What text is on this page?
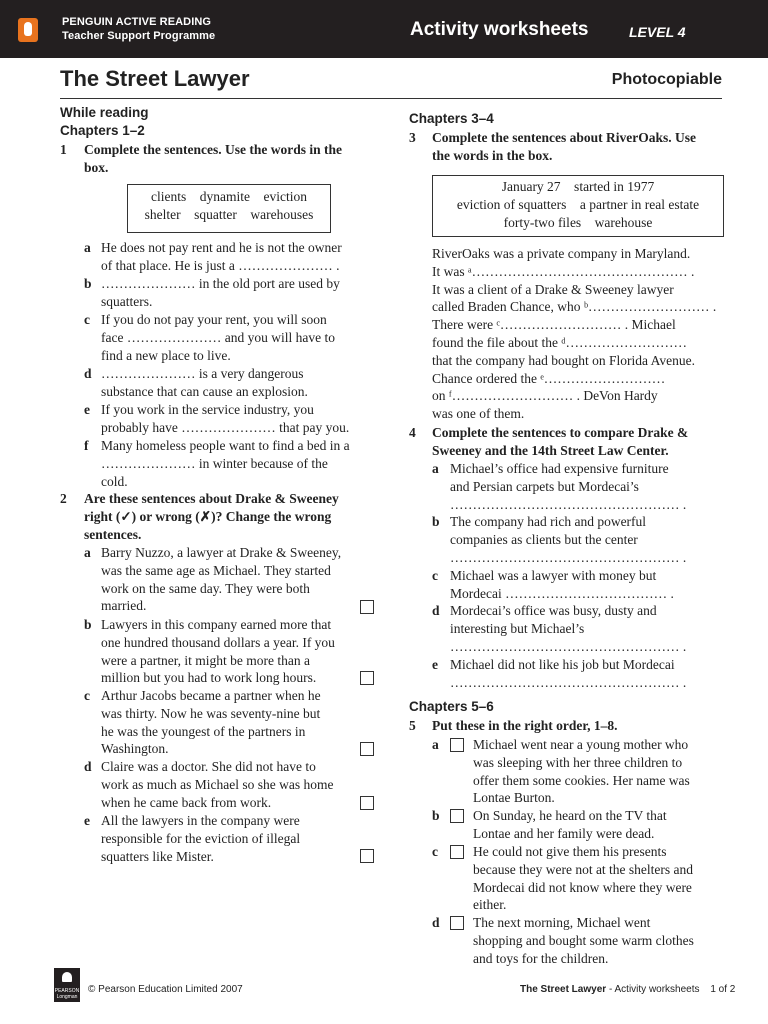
PENGUIN ACTIVE READING
Teacher Support Programme	Activity worksheets	LEVEL 4
The Street Lawyer	Photocopiable
While reading
Chapters 1–2
1 Complete the sentences. Use the words in the
box.
clients    dynamite    eviction
shelter    squatter    warehouses
a He does not pay rent and he is not the owner
of that place. He is just a ………………… .
b ………………… in the old port are used by
squatters.
c If you do not pay your rent, you will soon
face ………………… and you will have to
find a new place to live.
d ………………… is a very dangerous
substance that can cause an explosion.
e If you work in the service industry, you
probably have ………………… that pay you.
f Many homeless people want to find a bed in a
………………… in winter because of the
cold.
2 Are these sentences about Drake & Sweeney
right (✓) or wrong (✗)? Change the wrong
sentences.
a Barry Nuzzo, a lawyer at Drake & Sweeney,
was the same age as Michael. They started
work on the same day. They were both
married.
b Lawyers in this company earned more that
one hundred thousand dollars a year. If you
were a partner, it might be more than a
million but you had to work long hours.
c Arthur Jacobs became a partner when he
was thirty. Now he was seventy-nine but
he was the youngest of the partners in
Washington.
d Claire was a doctor. She did not have to
work as much as Michael so she was home
when he came back from work.
e All the lawyers in the company were
responsible for the eviction of illegal
squatters like Mister.
Chapters 3–4
3 Complete the sentences about RiverOaks. Use
the words in the box.
January 27    started in 1977
eviction of squatters    a partner in real estate
forty-two files    warehouse
RiverOaks was a private company in Maryland.
It was ᵃ………………………………………… .
It was a client of a Drake & Sweeney lawyer
called Braden Chance, who ᵇ……………………… .
There were ᶜ……………………… . Michael
found the file about the ᵈ………………………
that the company had bought on Florida Avenue.
Chance ordered the ᵉ………………………
on ᶠ……………………… . DeVon Hardy
was one of them.
4 Complete the sentences to compare Drake &
Sweeney and the 14th Street Law Center.
a Michael’s office had expensive furniture
and Persian carpets but Mordecai’s
…………………………………………… .
b The company had rich and powerful
companies as clients but the center
…………………………………………… .
c Michael was a lawyer with money but
Mordecai ……………………………… .
d Mordecai’s office was busy, dusty and
interesting but Michael’s
…………………………………………… .
e Michael did not like his job but Mordecai
…………………………………………… .
Chapters 5–6
5 Put these in the right order, 1–8.
a	Michael went near a young mother who
was sleeping with her three children to
offer them some cookies. Her name was
Lontae Burton.
b On Sunday, he heard on the TV that
Lontae and her family were dead.
c	He could not give them his presents
because they were not at the shelters and
Mordecai did not know where they were
either.
d The next morning, Michael went
shopping and bought some warm clothes
and toys for the children.
PEARSON Longman
© Pearson Education Limited 2007	The Street Lawyer - Activity worksheets 1 of 2
